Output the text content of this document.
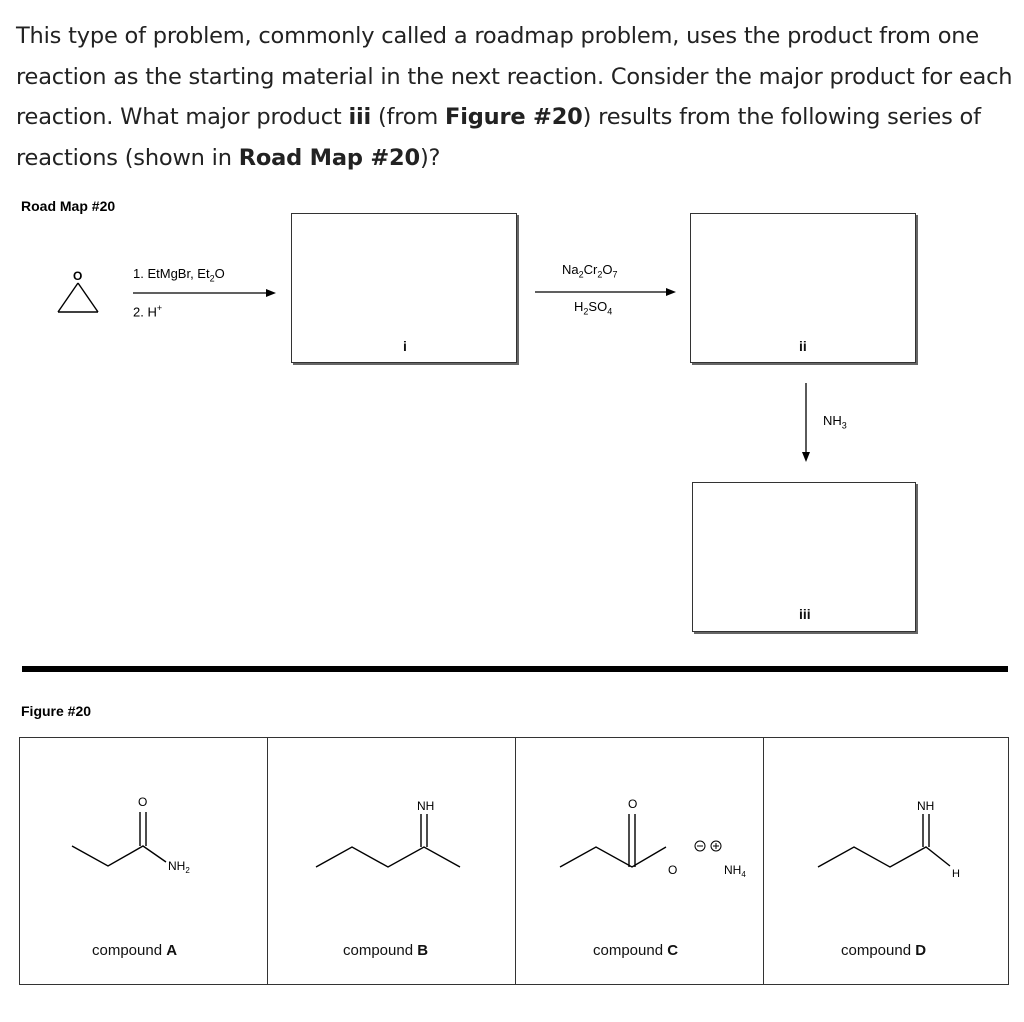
This type of problem, commonly called a roadmap problem, uses the product from one reaction as the starting material in the next reaction. Consider the major product for each reaction. What major product iii (from Figure #20) results from the following series of reactions (shown in Road Map #20)?
Road Map #20
O	1. EtMgBr, $Et_2O$
2. H+
i
$Na_2Cr_2O_7$
$H_2SO_4$
ii
$NH_3$
iii
Figure #20
O
$NH_2$
NH	O
O	$NH_4$
NH
H
compound A	compound B	compound C	compound D
